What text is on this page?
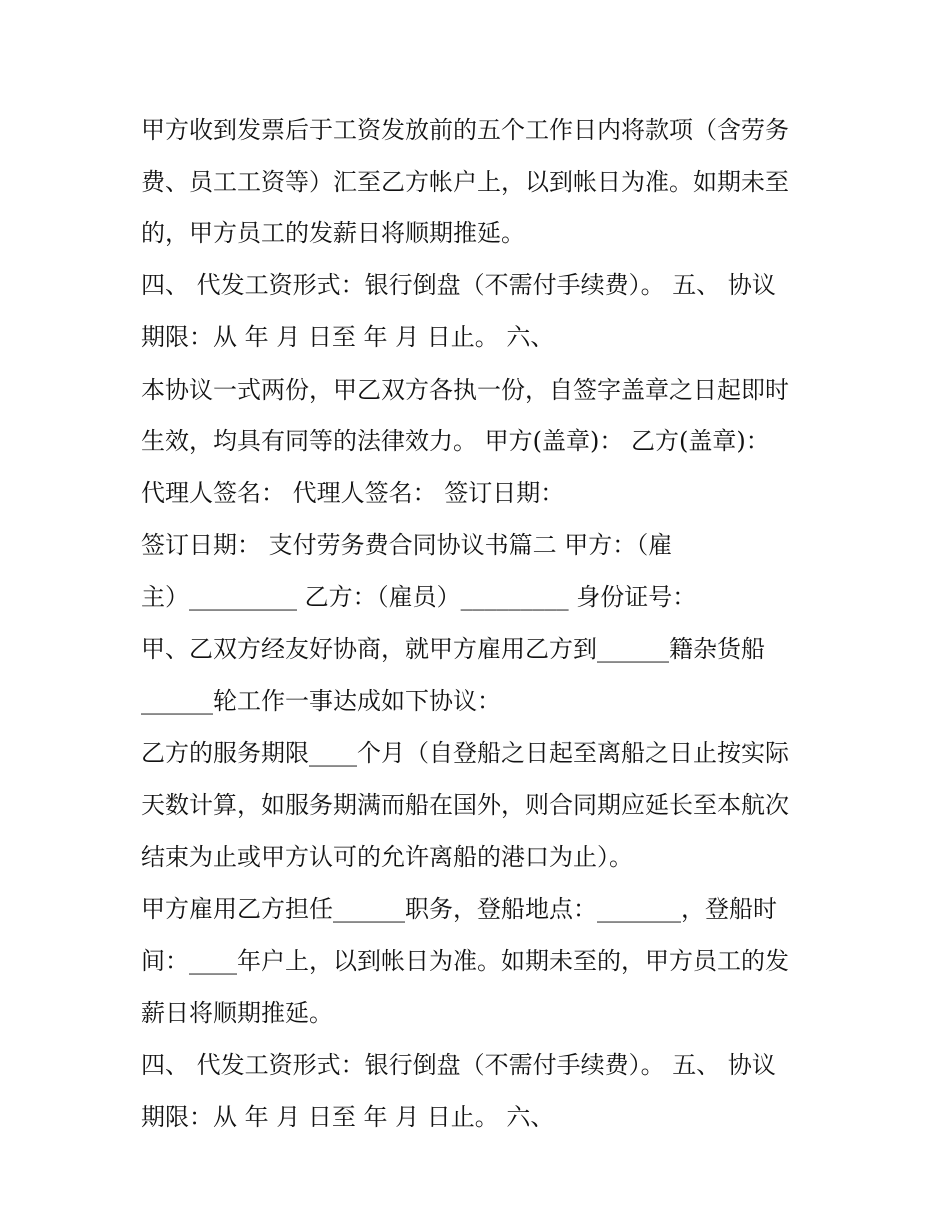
甲方收到发票后于工资发放前的五个工作日内将款项（含劳务

费、员工工资等）汇至乙方帐户上，以到帐日为准。如期未至

的，甲方员工的发薪日将顺期推延。

四、 代发工资形式：银行倒盘（不需付手续费）。 五、 协议

期限：从 年 月 日至 年 月 日止。 六、

本协议一式两份，甲乙双方各执一份，自签字盖章之日起即时

生效，均具有同等的法律效力。 甲方(盖章)： 乙方(盖章)：

代理人签名： 代理人签名： 签订日期：

签订日期： 支付劳务费合同协议书篇二 甲方：（雇

主）_________ 乙方：（雇员）_________ 身份证号：

甲、乙双方经友好协商，就甲方雇用乙方到______籍杂货船

______轮工作一事达成如下协议：

乙方的服务期限____个月（自登船之日起至离船之日止按实际

天数计算，如服务期满而船在国外，则合同期应延长至本航次

结束为止或甲方认可的允许离船的港口为止）。

甲方雇用乙方担任______职务，登船地点：_______，登船时

间：____年户上，以到帐日为准。如期未至的，甲方员工的发

薪日将顺期推延。

四、 代发工资形式：银行倒盘（不需付手续费）。 五、 协议

期限：从 年 月 日至 年 月 日止。 六、
